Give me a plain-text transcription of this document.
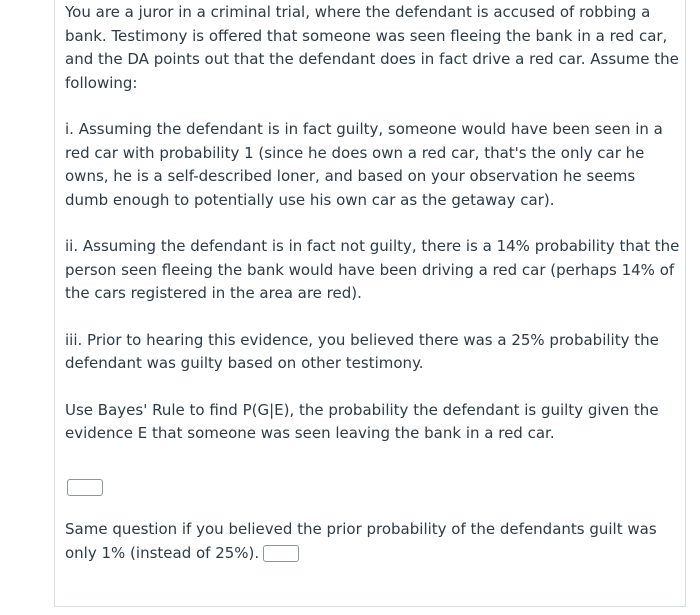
You are a juror in a criminal trial, where the defendant is accused of robbing a bank. Testimony is offered that someone was seen fleeing the bank in a red car, and the DA points out that the defendant does in fact drive a red car. Assume the following:

i. Assuming the defendant is in fact guilty, someone would have been seen in a red car with probability 1 (since he does own a red car, that's the only car he owns, he is a self-described loner, and based on your observation he seems dumb enough to potentially use his own car as the getaway car).

ii. Assuming the defendant is in fact not guilty, there is a 14% probability that the person seen fleeing the bank would have been driving a red car (perhaps 14% of the cars registered in the area are red).

iii. Prior to hearing this evidence, you believed there was a 25% probability the defendant was guilty based on other testimony.

Use Bayes' Rule to find P(G|E), the probability the defendant is guilty given the evidence E that someone was seen leaving the bank in a red car.

Same question if you believed the prior probability of the defendants guilt was only 1% (instead of 25%).
